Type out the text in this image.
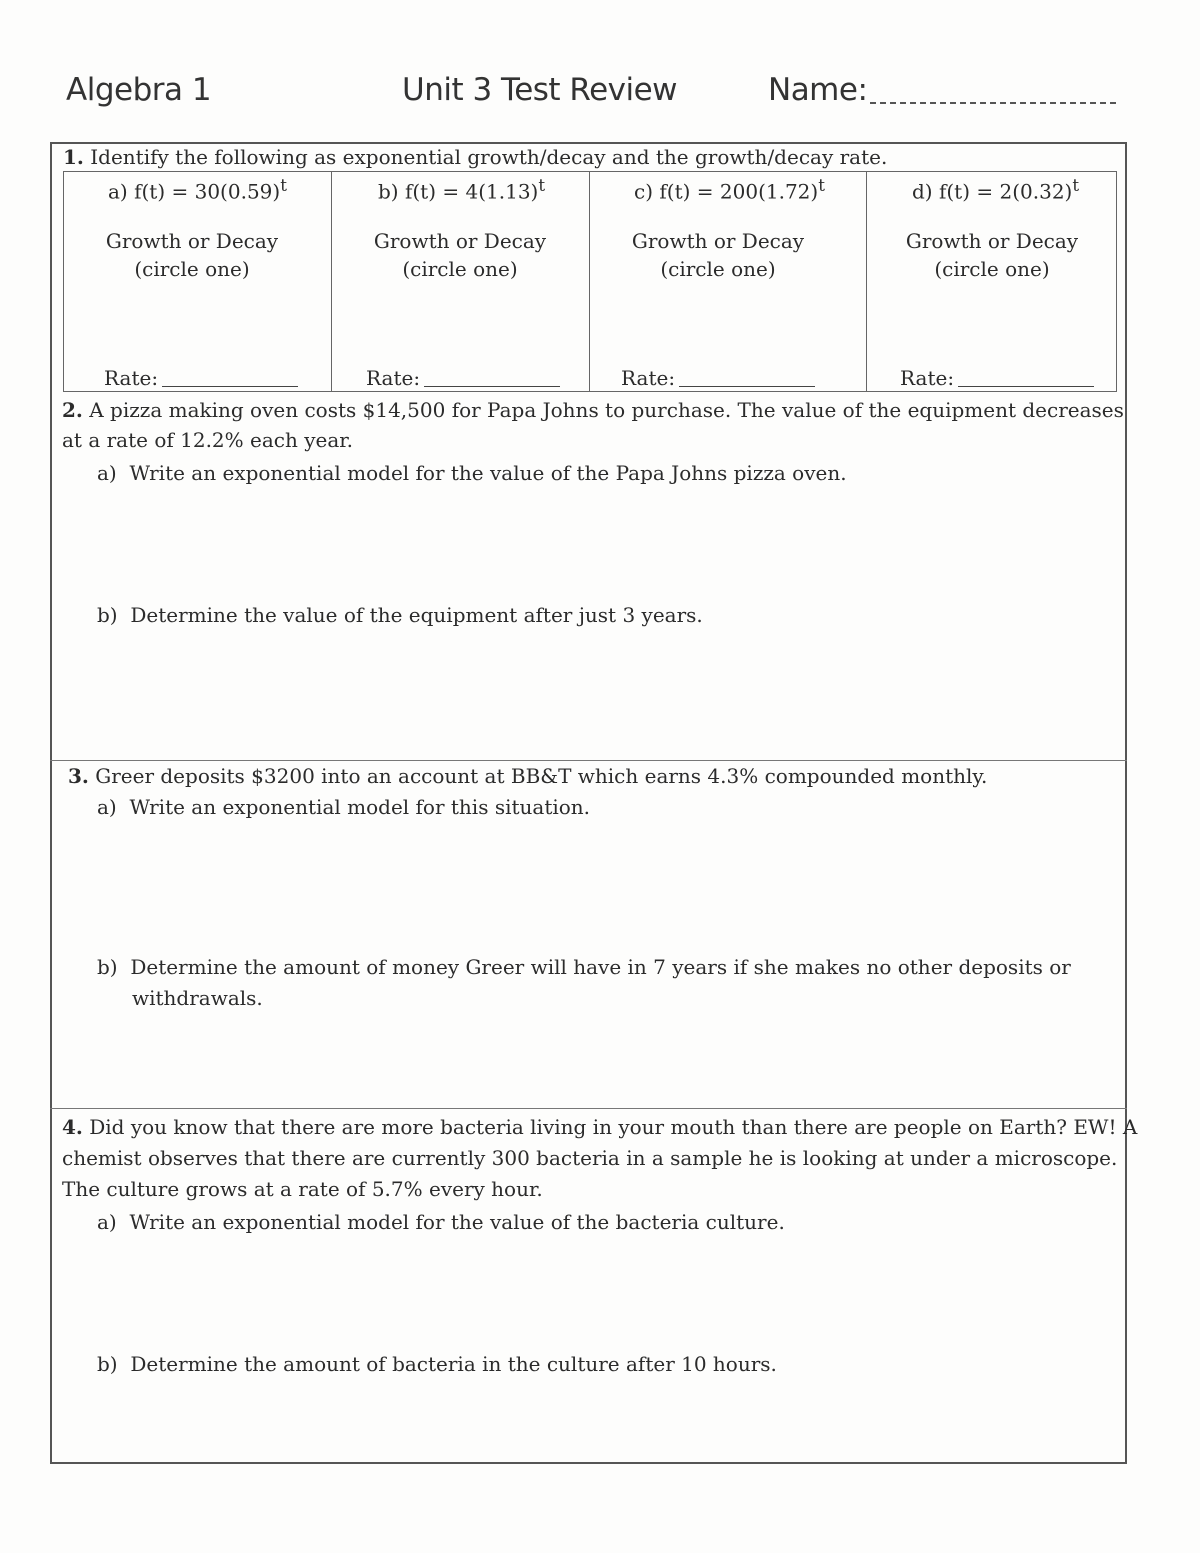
Algebra 1	Unit 3 Test Review	Name:
1. Identify the following as exponential growth/decay and the growth/decay rate.
a) $f(t) = 30(0.59)^t$
Growth or Decay
(circle one)
Rate:
b) $f(t) = 4(1.13)^t$
Growth or Decay
(circle one)
Rate:
c) $f(t) = 200(1.72)^t$
Growth or Decay
(circle one)
Rate:
d) $f(t) = 2(0.32)^t$
Growth or Decay
(circle one)
Rate:
2. A pizza making oven costs $14,500 for Papa Johns to purchase. The value of the equipment decreases
at a rate of 12.2% each year.
a) Write an exponential model for the value of the Papa Johns pizza oven.
b) Determine the value of the equipment after just 3 years.
3. Greer deposits $3200 into an account at BB&T which earns 4.3% compounded monthly.
a) Write an exponential model for this situation.
b) Determine the amount of money Greer will have in 7 years if she makes no other deposits or
withdrawals.
4. Did you know that there are more bacteria living in your mouth than there are people on Earth? EW! A
chemist observes that there are currently 300 bacteria in a sample he is looking at under a microscope.
The culture grows at a rate of 5.7% every hour.
a) Write an exponential model for the value of the bacteria culture.
b) Determine the amount of bacteria in the culture after 10 hours.
